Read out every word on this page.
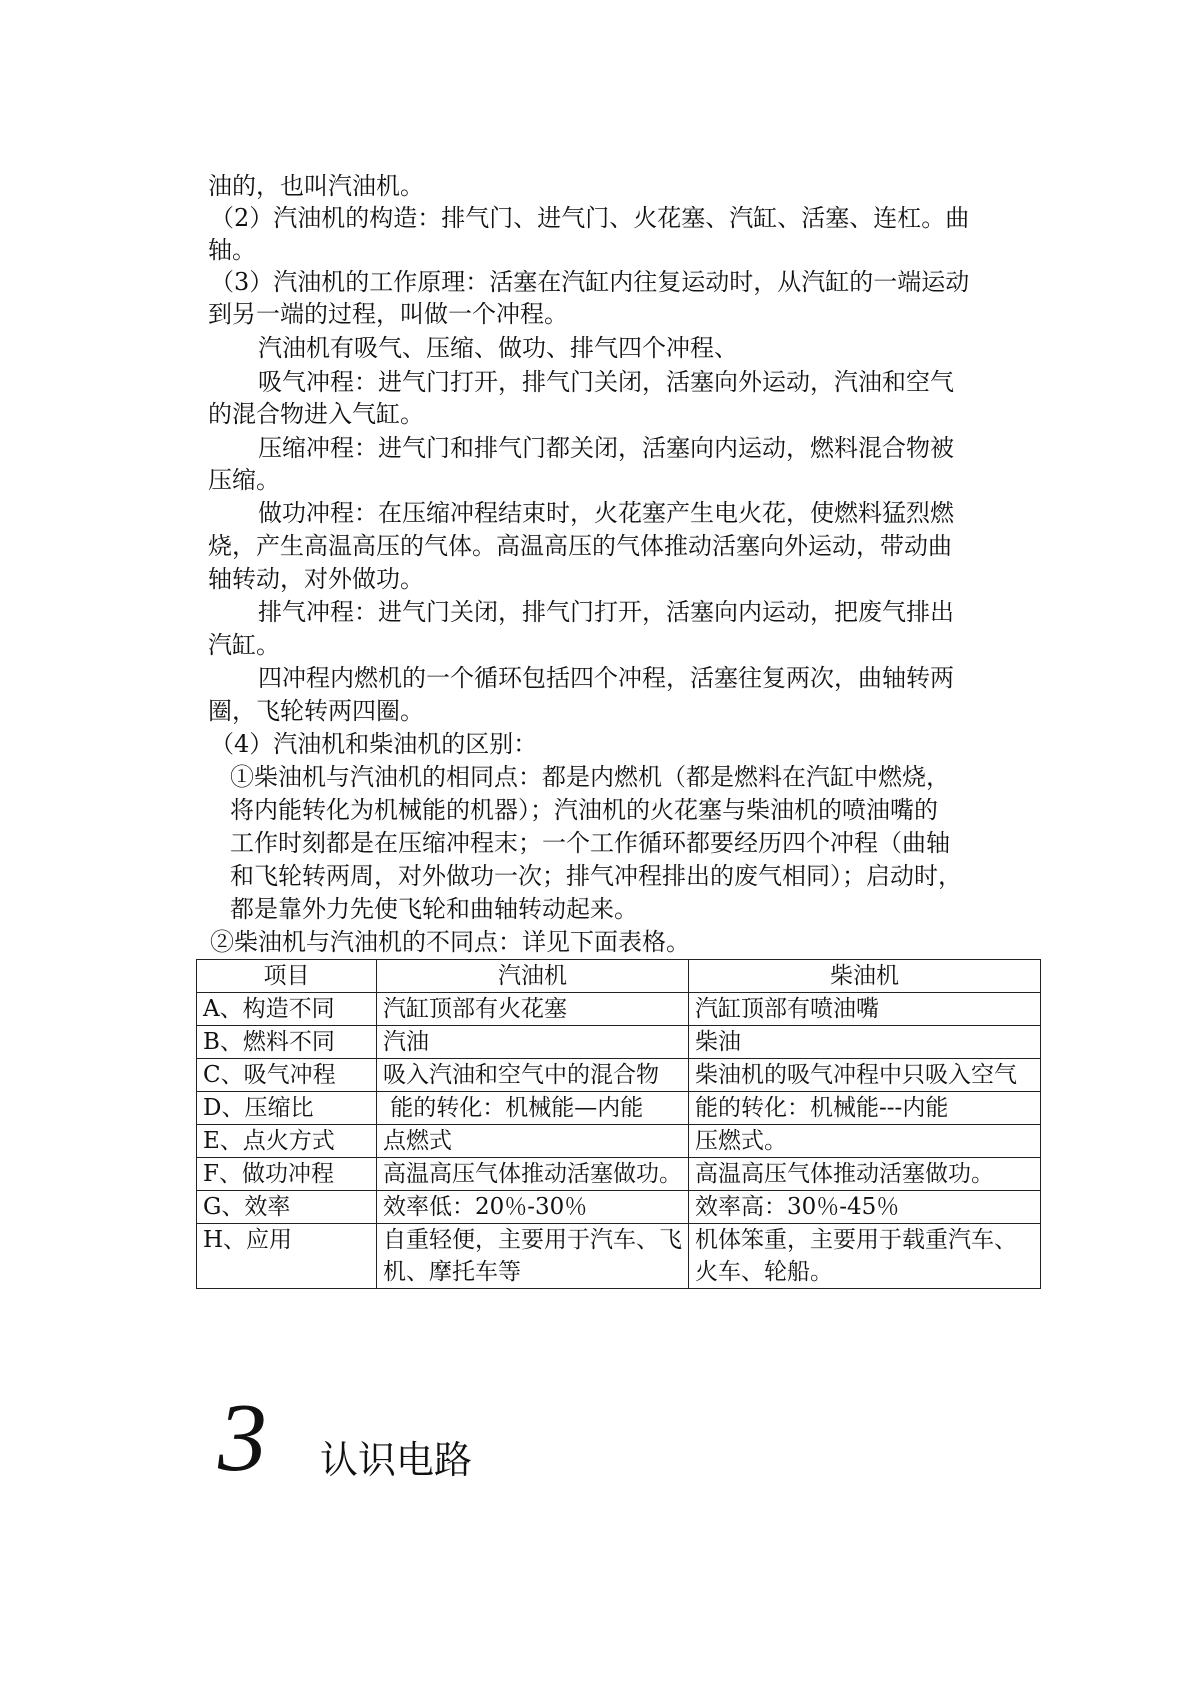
油的，也叫汽油机。
（2）汽油机的构造：排气门、进气门、火花塞、汽缸、活塞、连杠。曲
轴。
（3）汽油机的工作原理：活塞在汽缸内往复运动时，从汽缸的一端运动
到另一端的过程，叫做一个冲程。
汽油机有吸气、压缩、做功、排气四个冲程、
吸气冲程：进气门打开，排气门关闭，活塞向外运动，汽油和空气
的混合物进入气缸。
压缩冲程：进气门和排气门都关闭，活塞向内运动，燃料混合物被
压缩。
做功冲程：在压缩冲程结束时，火花塞产生电火花，使燃料猛烈燃
烧，产生高温高压的气体。高温高压的气体推动活塞向外运动，带动曲
轴转动，对外做功。
排气冲程：进气门关闭，排气门打开，活塞向内运动，把废气排出
汽缸。
四冲程内燃机的一个循环包括四个冲程，活塞往复两次，曲轴转两
圈，飞轮转两四圈。
（4）汽油机和柴油机的区别：
①柴油机与汽油机的相同点：都是内燃机（都是燃料在汽缸中燃烧，
将内能转化为机械能的机器）；汽油机的火花塞与柴油机的喷油嘴的
工作时刻都是在压缩冲程末；一个工作循环都要经历四个冲程（曲轴
和飞轮转两周，对外做功一次；排气冲程排出的废气相同）；启动时，
都是靠外力先使飞轮和曲轴转动起来。
②柴油机与汽油机的不同点：详见下面表格。
项目	汽油机	柴油机
A、构造不同	汽缸顶部有火花塞	汽缸顶部有喷油嘴
B、燃料不同	汽油	柴油
C、吸气冲程	吸入汽油和空气中的混合物	柴油机的吸气冲程中只吸入空气
D、压缩比	能的转化：机械能—内能	能的转化：机械能---内能
E、点火方式	点燃式	压燃式。
F、做功冲程	高温高压气体推动活塞做功。	高温高压气体推动活塞做功。
G、效率	效率低：20％-30％	效率高：30％-45％
H、应用	自重轻便，主要用于汽车、飞机、摩托车等	机体笨重，主要用于载重汽车、火车、轮船。
3 认识电路
